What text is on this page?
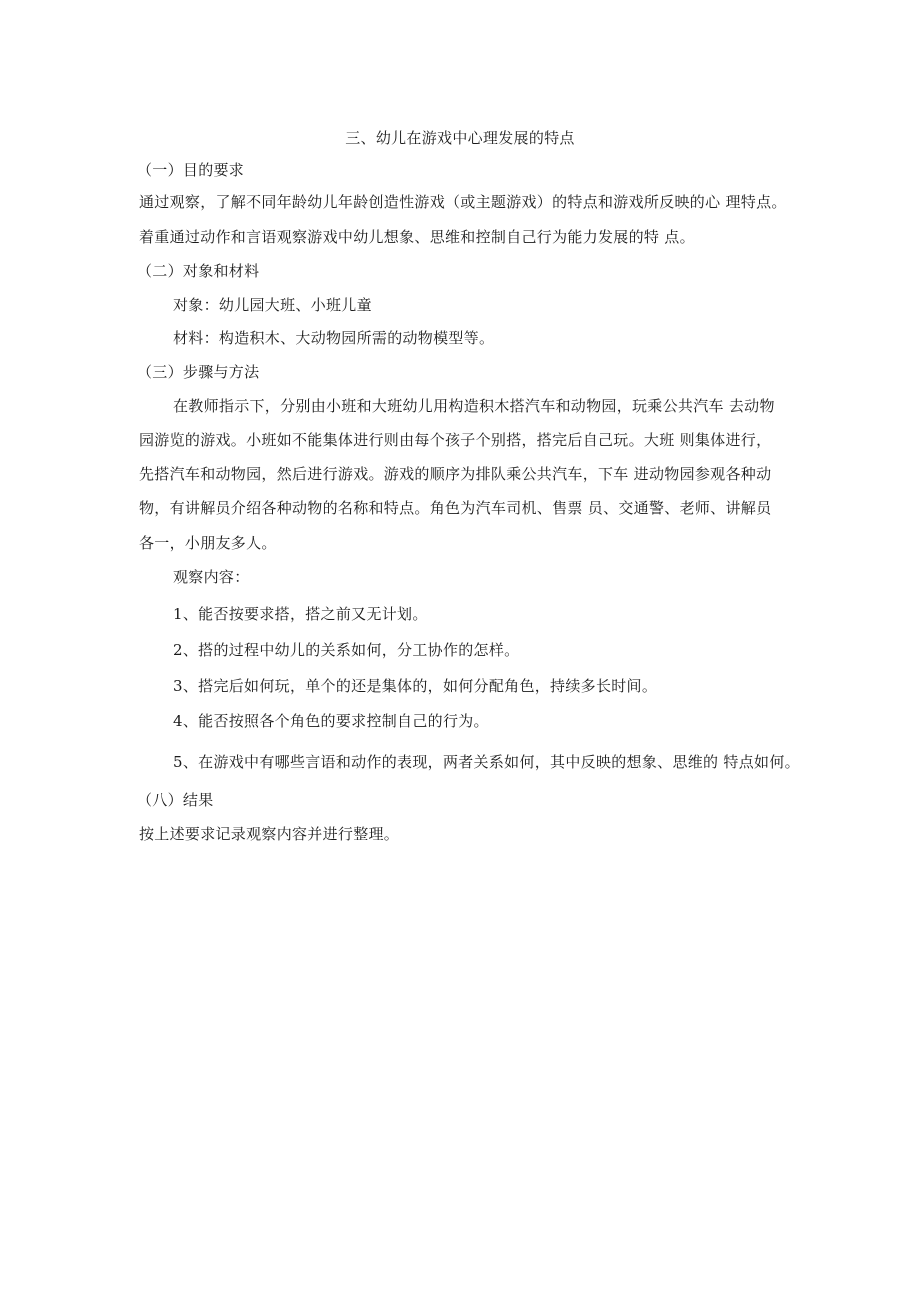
三、幼儿在游戏中心理发展的特点
（一）目的要求
通过观察，了解不同年龄幼儿年龄创造性游戏（或主题游戏）的特点和游戏所反映的心 理特点。
着重通过动作和言语观察游戏中幼儿想象、思维和控制自己行为能力发展的特 点。
（二）对象和材料
对象：幼儿园大班、小班儿童
材料：构造积木、大动物园所需的动物模型等。
（三）步骤与方法
在教师指示下，分别由小班和大班幼儿用构造积木搭汽车和动物园，玩乘公共汽车 去动物
园游览的游戏。小班如不能集体进行则由每个孩子个别搭，搭完后自己玩。大班 则集体进行，
先搭汽车和动物园，然后进行游戏。游戏的顺序为排队乘公共汽车，下车 进动物园参观各种动
物，有讲解员介绍各种动物的名称和特点。角色为汽车司机、售票 员、交通警、老师、讲解员
各一，小朋友多人。
观察内容：
1、能否按要求搭，搭之前又无计划。
2、搭的过程中幼儿的关系如何，分工协作的怎样。
3、搭完后如何玩，单个的还是集体的，如何分配角色，持续多长时间。
4、能否按照各个角色的要求控制自己的行为。
5、在游戏中有哪些言语和动作的表现，两者关系如何，其中反映的想象、思维的 特点如何。
（八）结果
按上述要求记录观察内容并进行整理。
